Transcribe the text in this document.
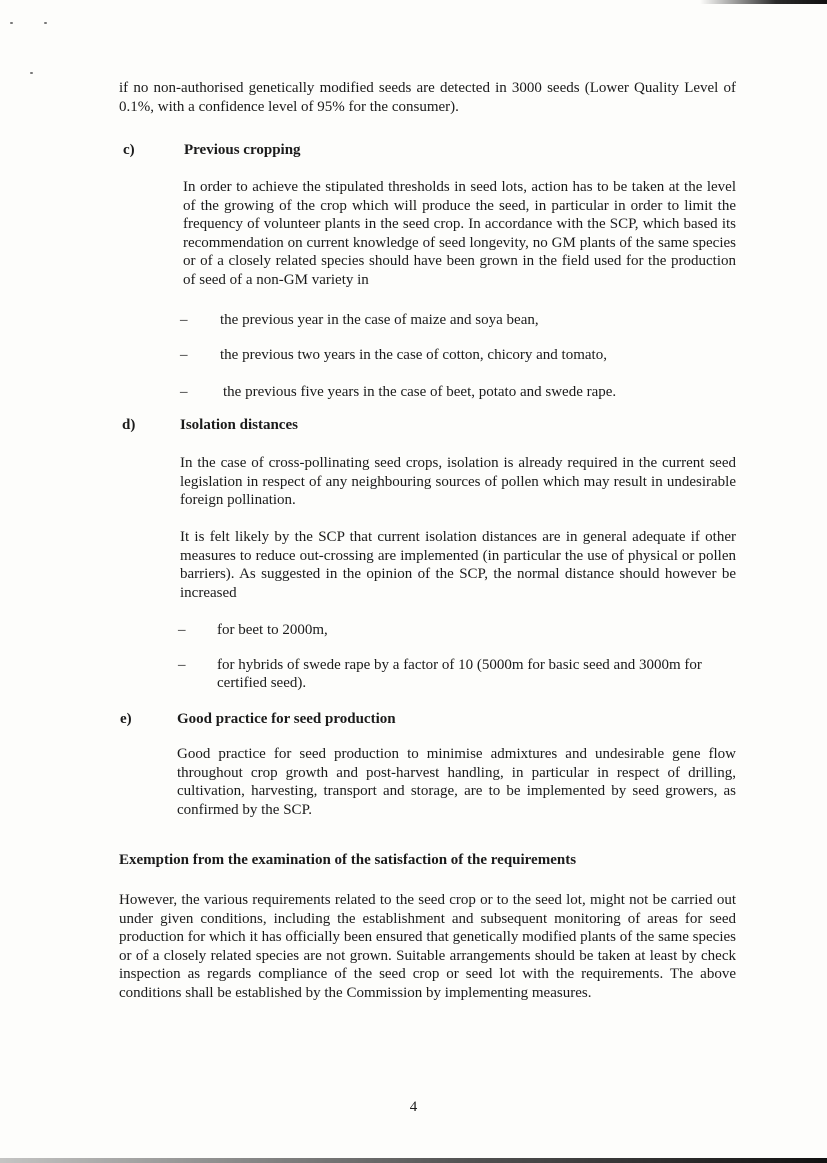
if no non-authorised genetically modified seeds are detected in 3000 seeds (Lower Quality Level of 0.1%, with a confidence level of 95% for the consumer).
c)	Previous cropping
In order to achieve the stipulated thresholds in seed lots, action has to be taken at the level of the growing of the crop which will produce the seed, in particular in order to limit the frequency of volunteer plants in the seed crop. In accordance with the SCP, which based its recommendation on current knowledge of seed longevity, no GM plants of the same species or of a closely related species should have been grown in the field used for the production of seed of a non-GM variety in
– the previous year in the case of maize and soya bean,
– the previous two years in the case of cotton, chicory and tomato,
– the previous five years in the case of beet, potato and swede rape.
d)	Isolation distances
In the case of cross-pollinating seed crops, isolation is already required in the current seed legislation in respect of any neighbouring sources of pollen which may result in undesirable foreign pollination.
It is felt likely by the SCP that current isolation distances are in general adequate if other measures to reduce out-crossing are implemented (in particular the use of physical or pollen barriers). As suggested in the opinion of the SCP, the normal distance should however be increased
– for beet to 2000m,
– for hybrids of swede rape by a factor of 10 (5000m for basic seed and 3000m for certified seed).
e)	Good practice for seed production
Good practice for seed production to minimise admixtures and undesirable gene flow throughout crop growth and post-harvest handling, in particular in respect of drilling, cultivation, harvesting, transport and storage, are to be implemented by seed growers, as confirmed by the SCP.
Exemption from the examination of the satisfaction of the requirements
However, the various requirements related to the seed crop or to the seed lot, might not be carried out under given conditions, including the establishment and subsequent monitoring of areas for seed production for which it has officially been ensured that genetically modified plants of the same species or of a closely related species are not grown. Suitable arrangements should be taken at least by check inspection as regards compliance of the seed crop or seed lot with the requirements. The above conditions shall be established by the Commission by implementing measures.
4
